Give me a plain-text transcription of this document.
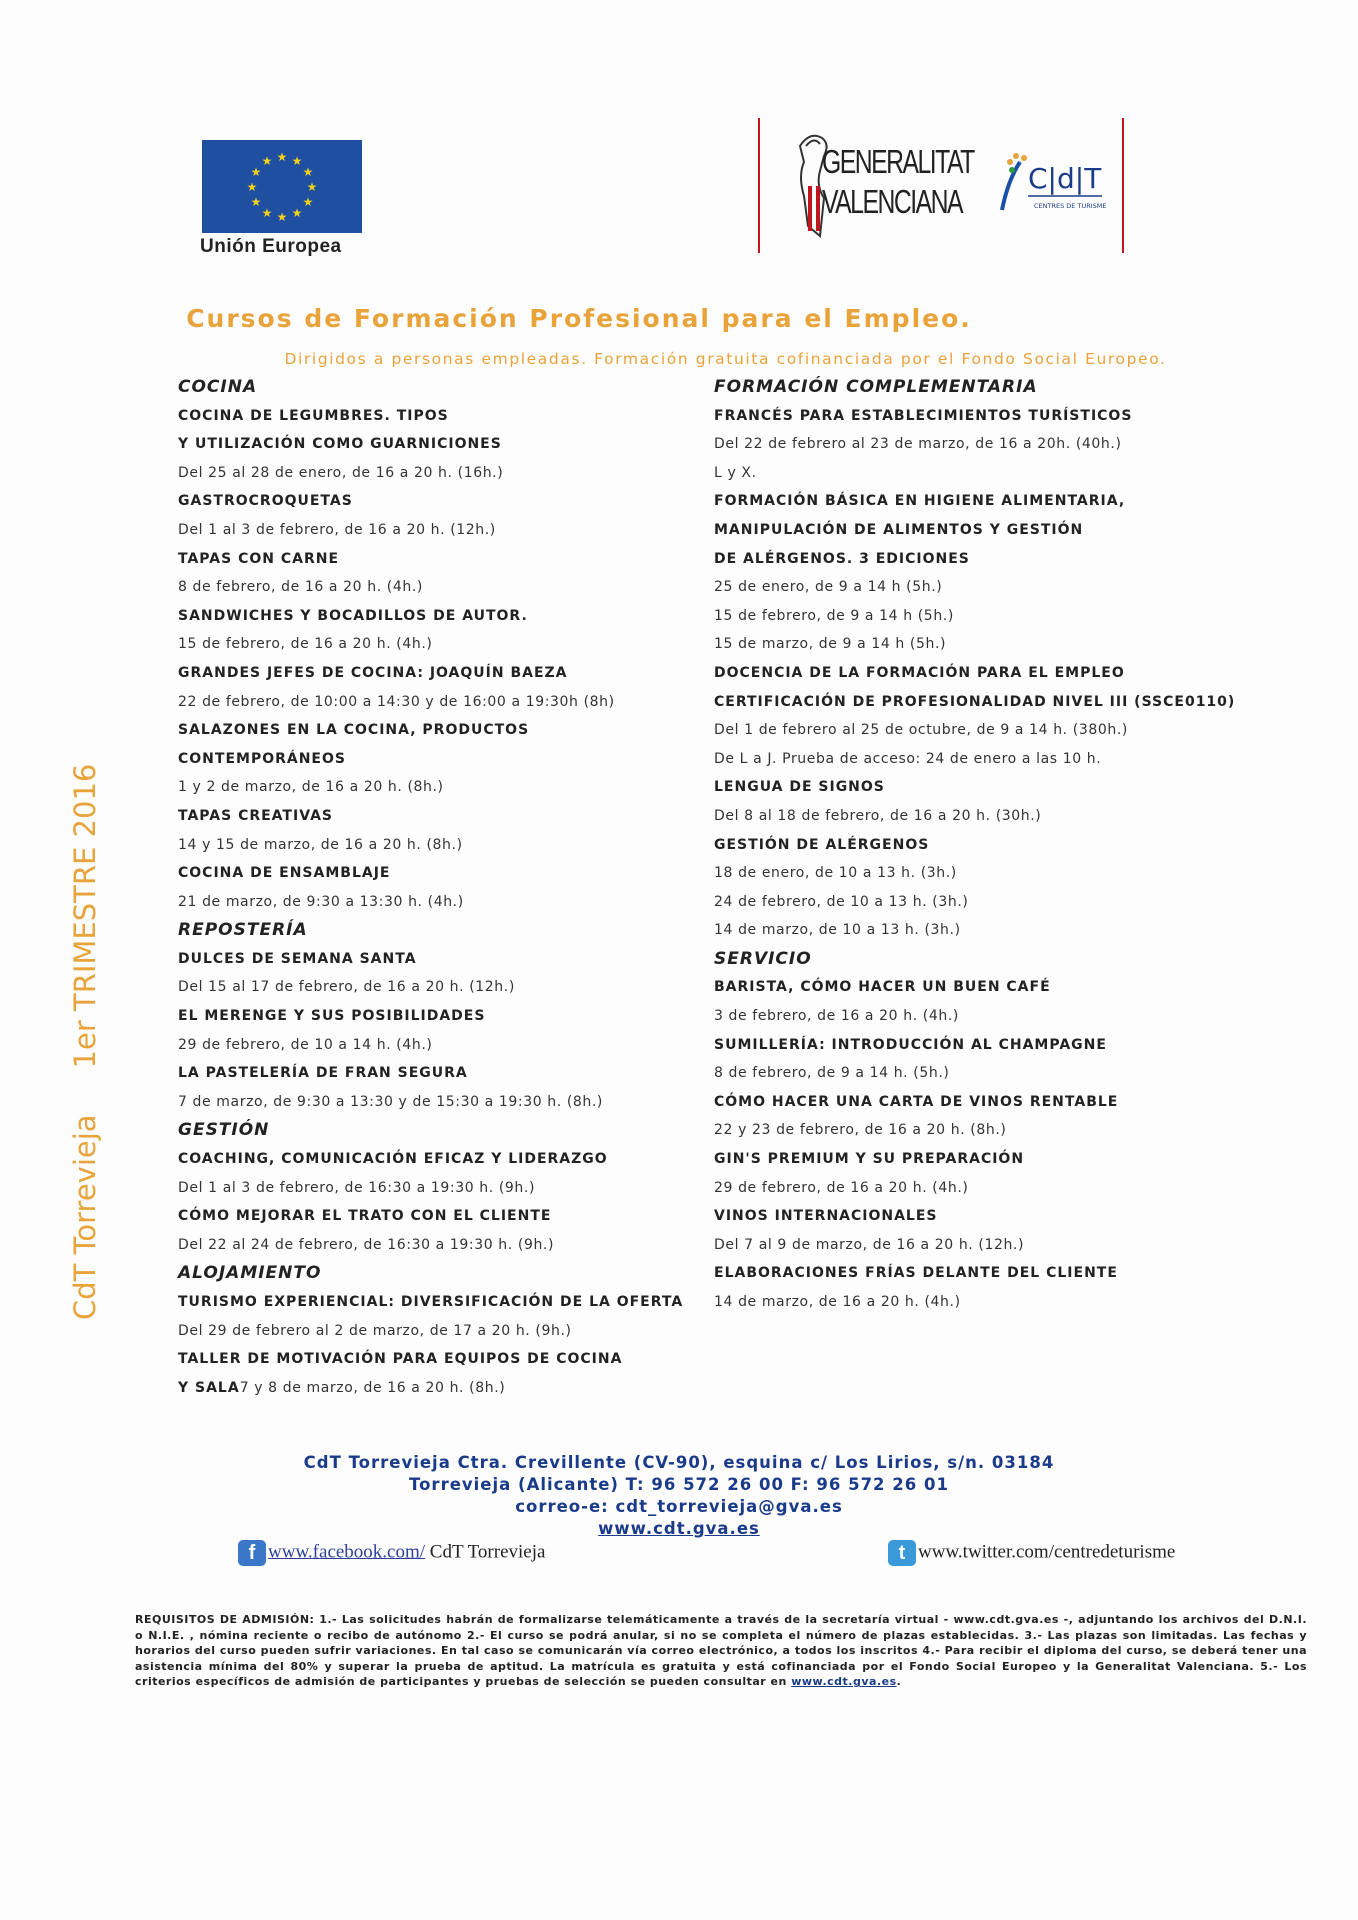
★ ★
★
★
★
★
★
★
★
★
★
★
Unión Europea
GENERALITAT
VALENCIANA
C|d|T
CENTRES DE TURISME
Cursos de Formación Profesional para el Empleo.
Dirigidos a personas empleadas. Formación gratuita cofinanciada por el Fondo Social Europeo.
CdT Torrevieja1er TRIMESTRE 2016
COCINA
COCINA DE LEGUMBRES. TIPOS
Y UTILIZACIÓN COMO GUARNICIONES
Del 25 al 28 de enero, de 16 a 20 h. (16h.)
GASTROCROQUETAS
Del 1 al 3 de febrero, de 16 a 20 h. (12h.)
TAPAS CON CARNE
8 de febrero, de 16 a 20 h. (4h.)
SANDWICHES Y BOCADILLOS DE AUTOR.
15 de febrero, de 16 a 20 h. (4h.)
GRANDES JEFES DE COCINA: JOAQUÍN BAEZA
22 de febrero, de 10:00 a 14:30 y de 16:00 a 19:30h (8h)
SALAZONES EN LA COCINA, PRODUCTOS
CONTEMPORÁNEOS
1 y 2 de marzo, de 16 a 20 h. (8h.)
TAPAS CREATIVAS
14 y 15 de marzo, de 16 a 20 h. (8h.)
COCINA DE ENSAMBLAJE
21 de marzo, de 9:30 a 13:30 h. (4h.)
REPOSTERÍA
DULCES DE SEMANA SANTA
Del 15 al 17 de febrero, de 16 a 20 h. (12h.)
EL MERENGE Y SUS POSIBILIDADES
29 de febrero, de 10 a 14 h. (4h.)
LA PASTELERÍA DE FRAN SEGURA
7 de marzo, de 9:30 a 13:30 y de 15:30 a 19:30 h. (8h.)
GESTIÓN
COACHING, COMUNICACIÓN EFICAZ Y LIDERAZGO
Del 1 al 3 de febrero, de 16:30 a 19:30 h. (9h.)
CÓMO MEJORAR EL TRATO CON EL CLIENTE
Del 22 al 24 de febrero, de 16:30 a 19:30 h. (9h.)
ALOJAMIENTO
TURISMO EXPERIENCIAL: DIVERSIFICACIÓN DE LA OFERTA
Del 29 de febrero al 2 de marzo, de 17 a 20 h. (9h.)
TALLER DE MOTIVACIÓN PARA EQUIPOS DE COCINA
Y SALA7 y 8 de marzo, de 16 a 20 h. (8h.)
FORMACIÓN COMPLEMENTARIA
FRANCÉS PARA ESTABLECIMIENTOS TURÍSTICOS
Del 22 de febrero al 23 de marzo, de 16 a 20h. (40h.)
L y X.
FORMACIÓN BÁSICA EN HIGIENE ALIMENTARIA,
MANIPULACIÓN DE ALIMENTOS Y GESTIÓN
DE ALÉRGENOS. 3 EDICIONES
25 de enero, de 9 a 14 h (5h.)
15 de febrero, de 9 a 14 h (5h.)
15 de marzo, de 9 a 14 h (5h.)
DOCENCIA DE LA FORMACIÓN PARA EL EMPLEO
CERTIFICACIÓN DE PROFESIONALIDAD NIVEL III (SSCE0110)
Del 1 de febrero al 25 de octubre, de 9 a 14 h. (380h.)
De L a J. Prueba de acceso: 24 de enero a las 10 h.
LENGUA DE SIGNOS
Del 8 al 18 de febrero, de 16 a 20 h. (30h.)
GESTIÓN DE ALÉRGENOS
18 de enero, de 10 a 13 h. (3h.)
24 de febrero, de 10 a 13 h. (3h.)
14 de marzo, de 10 a 13 h. (3h.)
SERVICIO
BARISTA, CÓMO HACER UN BUEN CAFÉ
3 de febrero, de 16 a 20 h. (4h.)
SUMILLERÍA: INTRODUCCIÓN AL CHAMPAGNE
8 de febrero, de 9 a 14 h. (5h.)
CÓMO HACER UNA CARTA DE VINOS RENTABLE
22 y 23 de febrero, de 16 a 20 h. (8h.)
GIN'S PREMIUM Y SU PREPARACIÓN
29 de febrero, de 16 a 20 h. (4h.)
VINOS INTERNACIONALES
Del 7 al 9 de marzo, de 16 a 20 h. (12h.)
ELABORACIONES FRÍAS DELANTE DEL CLIENTE
14 de marzo, de 16 a 20 h. (4h.)
CdT Torrevieja Ctra. Crevillente (CV-90), esquina c/ Los Lirios, s/n. 03184
Torrevieja (Alicante) T: 96 572 26 00 F: 96 572 26 01
correo-e: cdt_torrevieja@gva.es
www.cdt.gva.es
f www.facebook.com/ CdT Torrevieja	t www.twitter.com/centredeturisme
REQUISITOS DE ADMISIÓN: 1.- Las solicitudes habrán de formalizarse telemáticamente a través de la secretaría virtual - www.cdt.gva.es -, adjuntando los archivos del D.N.I. o N.I.E. , nómina reciente o recibo de autónomo 2.- El curso se podrá anular, si no se completa el número de plazas establecidas. 3.- Las plazas son limitadas. Las fechas y horarios del curso pueden sufrir variaciones. En tal caso se comunicarán vía correo electrónico, a todos los inscritos 4.- Para recibir el diploma del curso, se deberá tener una asistencia mínima del 80% y superar la prueba de aptitud. La matrícula es gratuita y está cofinanciada por el Fondo Social Europeo y la Generalitat Valenciana. 5.- Los criterios específicos de admisión de participantes y pruebas de selección se pueden consultar en www.cdt.gva.es.
